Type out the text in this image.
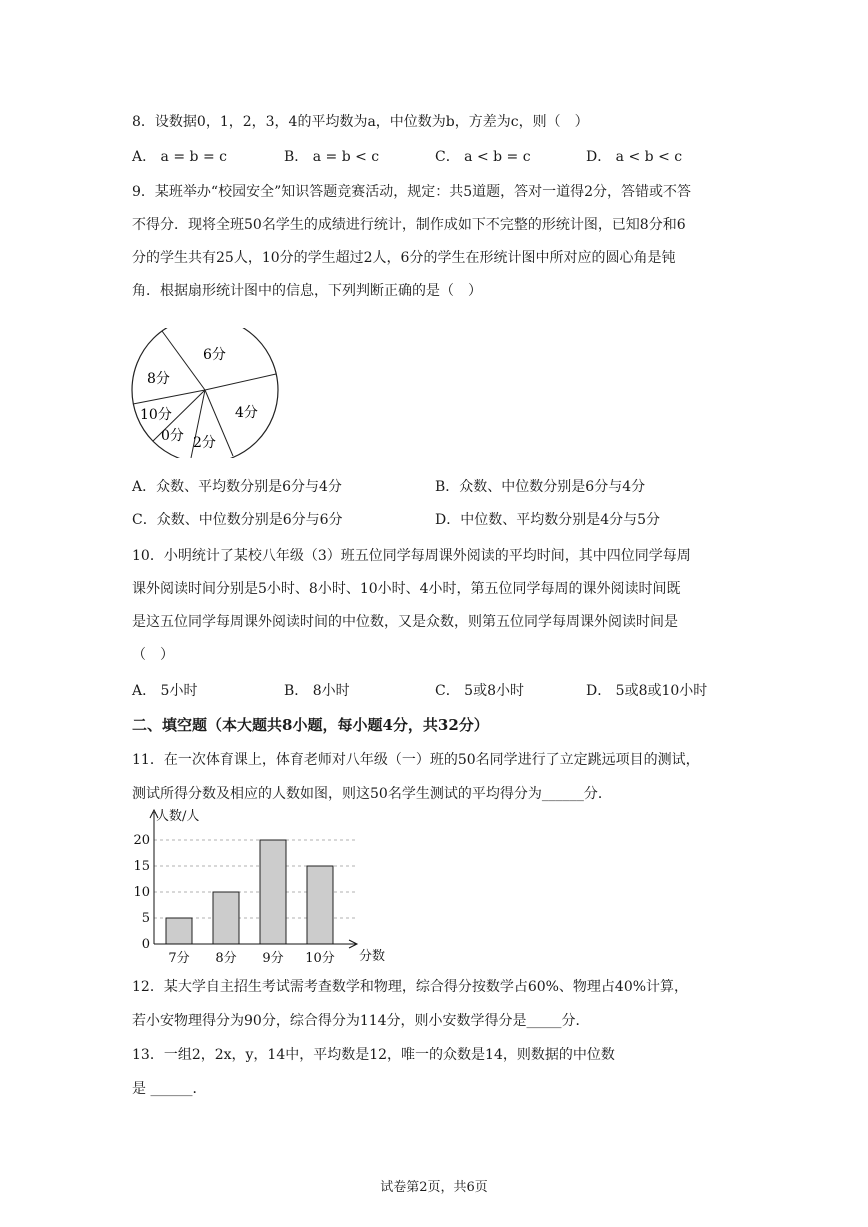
8．设数据0，1，2，3，4的平均数为a，中位数为b，方差为c，则（　）
A． a = b = c	B． a = b < c	C． a < b = c	D． a < b < c
9．某班举办“校园安全”知识答题竞赛活动，规定：共5道题，答对一道得2分，答错或不答
不得分．现将全班50名学生的成绩进行统计，制作成如下不完整的形统计图，已知8分和6
分的学生共有25人，10分的学生超过2人，6分的学生在形统计图中所对应的圆心角是钝
角．根据扇形统计图中的信息，下列判断正确的是（　）
6分
8分
4分
10分
0分 2分
A．众数、平均数分别是6分与4分	B．众数、中位数分别是6分与4分
C．众数、中位数分别是6分与6分	D．中位数、平均数分别是4分与5分
10．小明统计了某校八年级（3）班五位同学每周课外阅读的平均时间，其中四位同学每周
课外阅读时间分别是5小时、8小时、10小时、4小时，第五位同学每周的课外阅读时间既
是这五位同学每周课外阅读时间的中位数，又是众数，则第五位同学每周课外阅读时间是
（　）
A． 5小时	B． 8小时	C． 5或8小时	D． 5或8或10小时
二、填空题（本大题共8小题，每小题4分，共32分）
11．在一次体育课上，体育老师对八年级（一）班的50名同学进行了立定跳远项目的测试，
测试所得分数及相应的人数如图，则这50名学生测试的平均得分为______分．
0
5
10
15
20
7分 8分 9分 10分
人数/人
分数
12．某大学自主招生考试需考查数学和物理，综合得分按数学占60%、物理占40%计算，
若小安物理得分为90分，综合得分为114分，则小安数学得分是_____分．
13．一组2，2x，y，14中，平均数是12，唯一的众数是14，则数据的中位数
是 ______．
试卷第2页，共6页
